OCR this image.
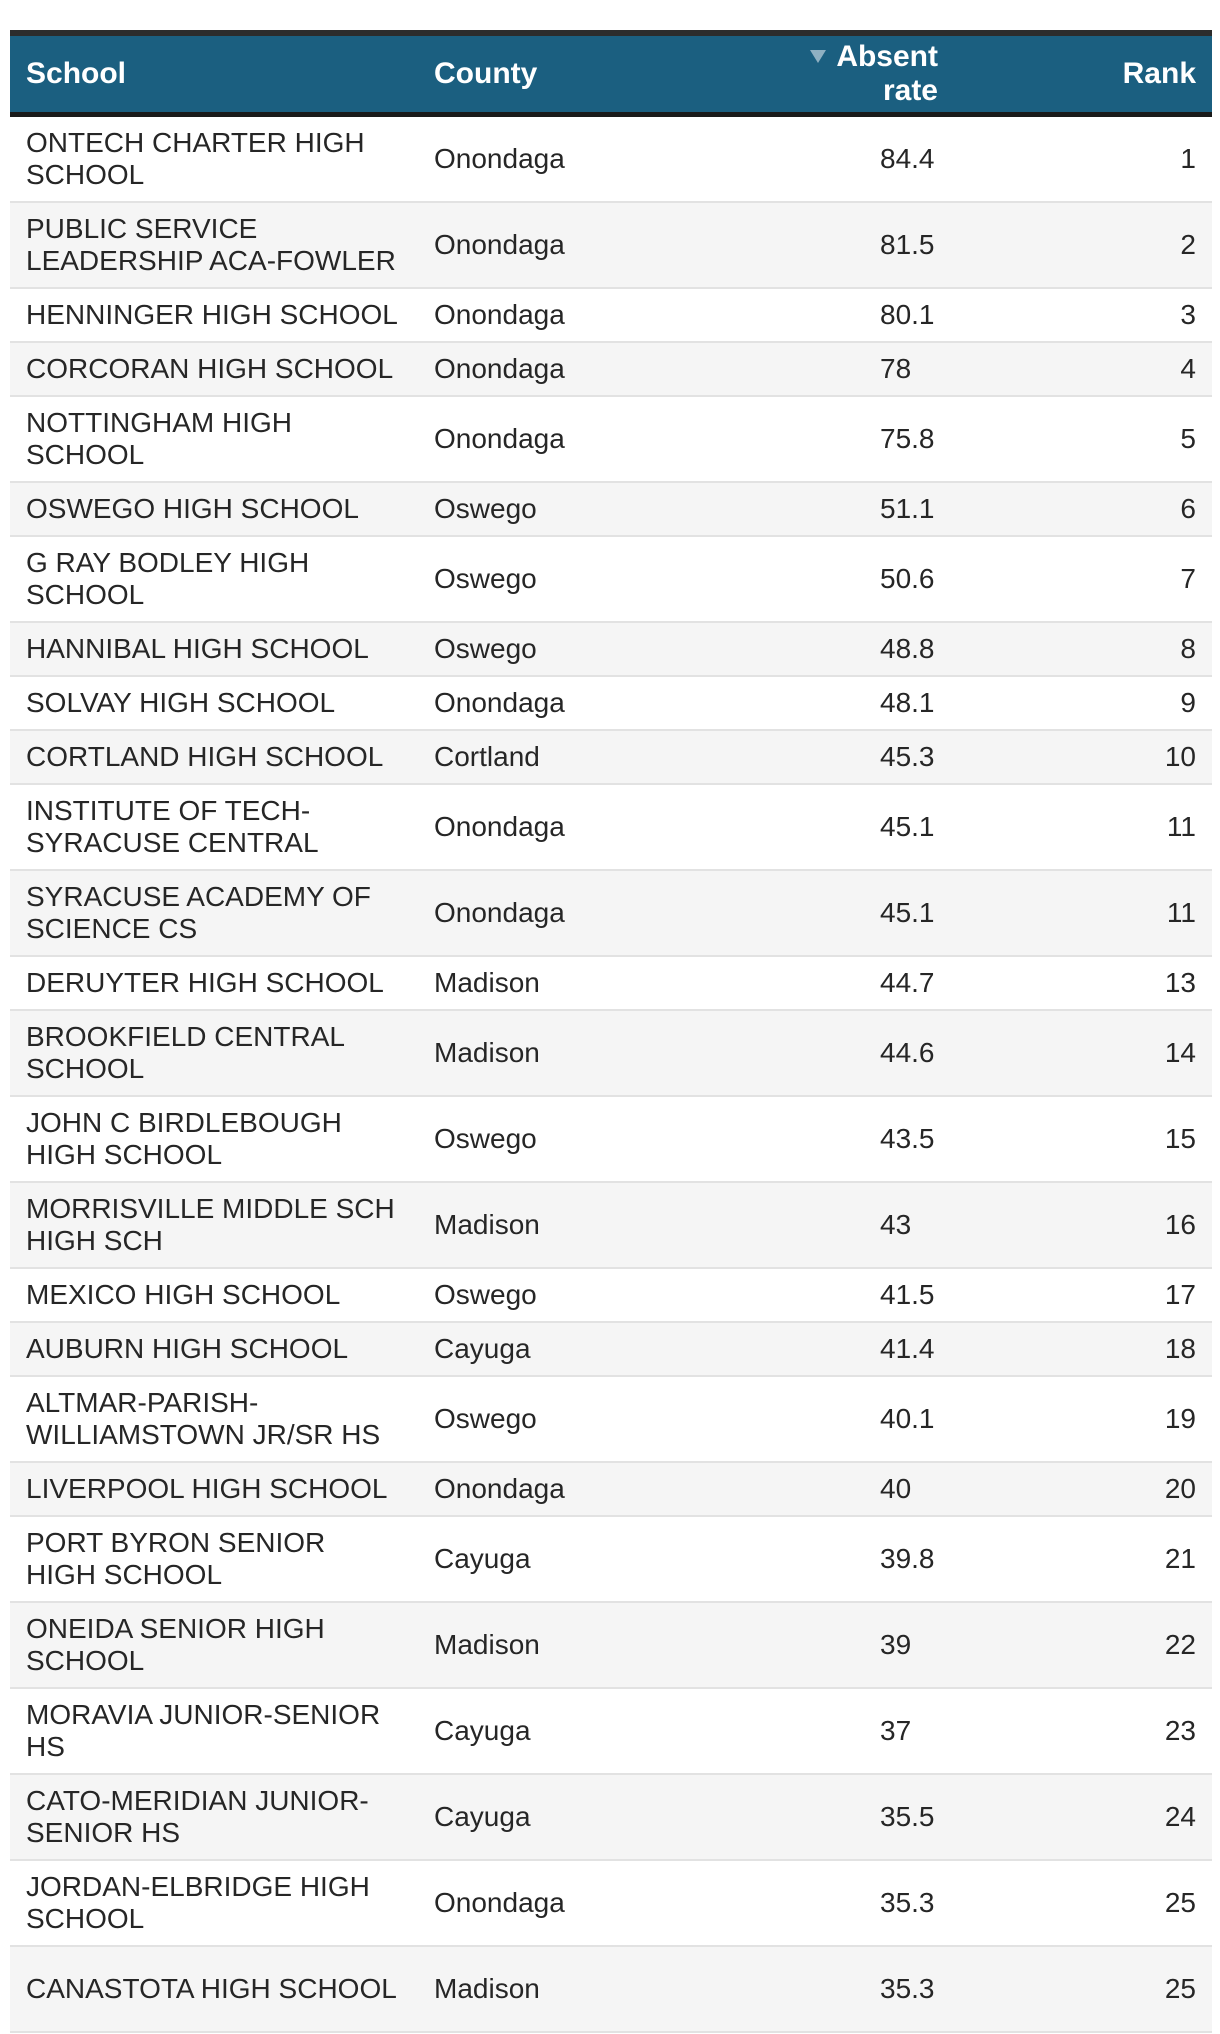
School	County	Absent rate	Rank
ONTECH CHARTER HIGH SCHOOL	Onondaga	84.4	1
PUBLIC SERVICE LEADERSHIP ACA-FOWLER	Onondaga	81.5	2
HENNINGER HIGH SCHOOL	Onondaga	80.1	3
CORCORAN HIGH SCHOOL	Onondaga	78	4
NOTTINGHAM HIGH SCHOOL	Onondaga	75.8	5
OSWEGO HIGH SCHOOL	Oswego	51.1	6
G RAY BODLEY HIGH SCHOOL	Oswego	50.6	7
HANNIBAL HIGH SCHOOL	Oswego	48.8	8
SOLVAY HIGH SCHOOL	Onondaga	48.1	9
CORTLAND HIGH SCHOOL	Cortland	45.3	10
INSTITUTE OF TECH-SYRACUSE CENTRAL	Onondaga	45.1	11
SYRACUSE ACADEMY OF SCIENCE CS	Onondaga	45.1	11
DERUYTER HIGH SCHOOL	Madison	44.7	13
BROOKFIELD CENTRAL SCHOOL	Madison	44.6	14
JOHN C BIRDLEBOUGH HIGH SCHOOL	Oswego	43.5	15
MORRISVILLE MIDDLE SCH HIGH SCH	Madison	43	16
MEXICO HIGH SCHOOL	Oswego	41.5	17
AUBURN HIGH SCHOOL	Cayuga	41.4	18
ALTMAR-PARISH-WILLIAMSTOWN JR/SR HS	Oswego	40.1	19
LIVERPOOL HIGH SCHOOL	Onondaga	40	20
PORT BYRON SENIOR HIGH SCHOOL	Cayuga	39.8	21
ONEIDA SENIOR HIGH SCHOOL	Madison	39	22
MORAVIA JUNIOR-SENIOR HS	Cayuga	37	23
CATO-MERIDIAN JUNIOR-SENIOR HS	Cayuga	35.5	24
JORDAN-ELBRIDGE HIGH SCHOOL	Onondaga	35.3	25
CANASTOTA HIGH SCHOOL	Madison	35.3	25
